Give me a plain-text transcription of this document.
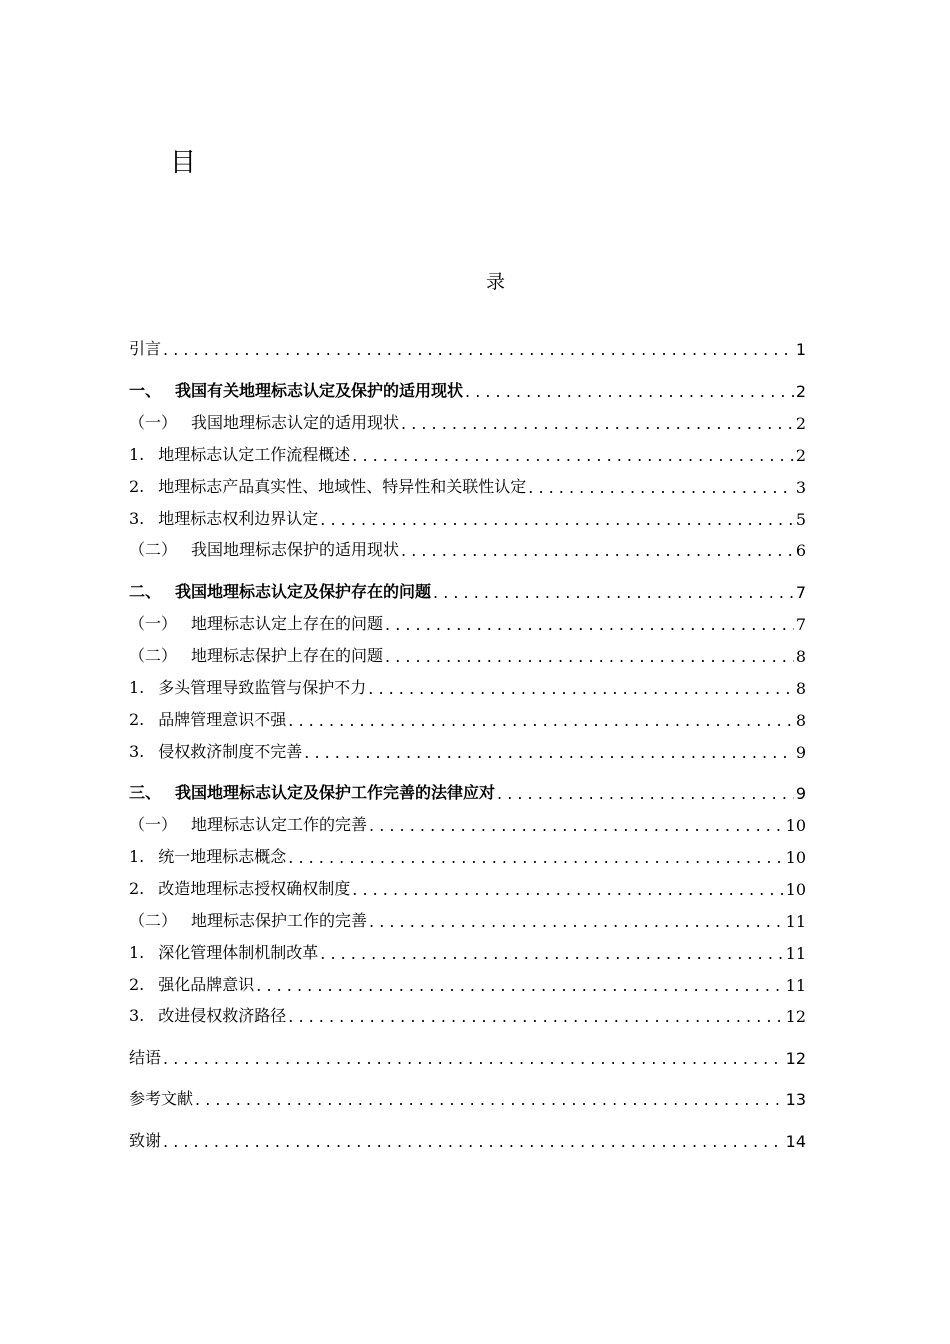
目
录
引言 . . .	1
一、 我国有关地理标志认定及保护的适用现状 . . .	2
（一） 我国地理标志认定的适用现状 . . .	2
1. 地理标志认定工作流程概述 . . .	2
2. 地理标志产品真实性、地域性、特异性和关联性认定 . . .	3
3. 地理标志权利边界认定 . . .	5
（二） 我国地理标志保护的适用现状 . . .	6
二、 我国地理标志认定及保护存在的问题 . . .	7
（一） 地理标志认定上存在的问题 . . .	7
（二） 地理标志保护上存在的问题 . . .	8
1. 多头管理导致监管与保护不力 . . .	8
2. 品牌管理意识不强 . . .	8
3. 侵权救济制度不完善 . . .	9
三、 我国地理标志认定及保护工作完善的法律应对 . . .	9
（一） 地理标志认定工作的完善 . . .	10
1. 统一地理标志概念 . . .	10
2. 改造地理标志授权确权制度 . . .	10
（二） 地理标志保护工作的完善 . . .	11
1. 深化管理体制机制改革 . . .	11
2. 强化品牌意识 . . .	11
3. 改进侵权救济路径 . . .	12
结语 . . .	12
参考文献 . . .	13
致谢 . . .	14
